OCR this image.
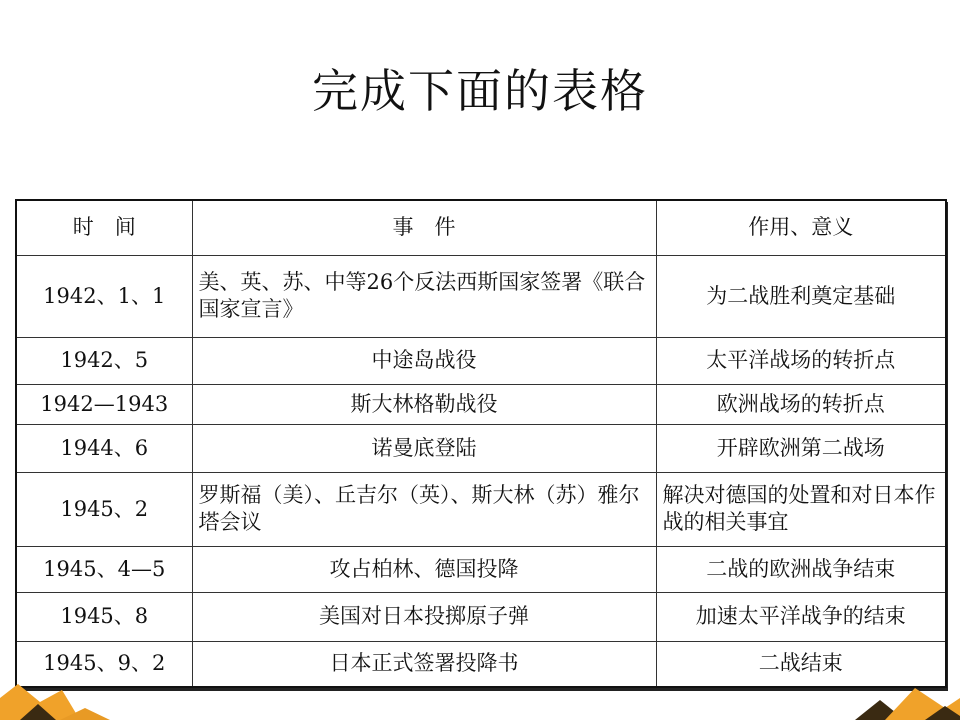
完成下面的表格
时　间	事　件	作用、意义
1942、1、1	美、英、苏、中等26个反法西斯国家签署《联合国家宣言》	为二战胜利奠定基础
1942、5	中途岛战役	太平洋战场的转折点
1942—1943	斯大林格勒战役	欧洲战场的转折点
1944、6	诺曼底登陆	开辟欧洲第二战场
1945、2	罗斯福（美）、丘吉尔（英）、斯大林（苏）雅尔塔会议	解决对德国的处置和对日本作战的相关事宜
1945、4—5	攻占柏林、德国投降	二战的欧洲战争结束
1945、8	美国对日本投掷原子弹	加速太平洋战争的结束
1945、9、2	日本正式签署投降书	二战结束
